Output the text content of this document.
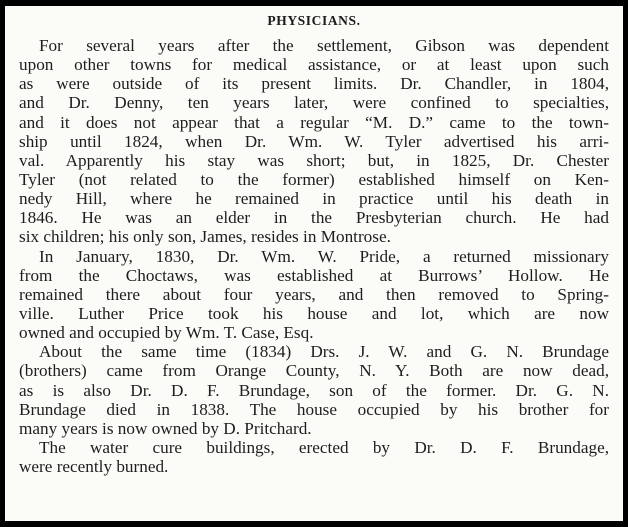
PHYSICIANS.
For several years after the settlement, Gibson was dependent
upon other towns for medical assistance, or at least upon such
as were outside of its present limits. Dr. Chandler, in 1804,
and Dr. Denny, ten years later, were confined to specialties,
and it does not appear that a regular “M. D.” came to the town-
ship until 1824, when Dr. Wm. W. Tyler advertised his arri-
val. Apparently his stay was short; but, in 1825, Dr. Chester
Tyler (not related to the former) established himself on Ken-
nedy Hill, where he remained in practice until his death in
1846. He was an elder in the Presbyterian church. He had
six children; his only son, James, resides in Montrose.
In January, 1830, Dr. Wm. W. Pride, a returned missionary
from the Choctaws, was established at Burrows’ Hollow. He
remained there about four years, and then removed to Spring-
ville. Luther Price took his house and lot, which are now
owned and occupied by Wm. T. Case, Esq.
About the same time (1834) Drs. J. W. and G. N. Brundage
(brothers) came from Orange County, N. Y. Both are now dead,
as is also Dr. D. F. Brundage, son of the former. Dr. G. N.
Brundage died in 1838. The house occupied by his brother for
many years is now owned by D. Pritchard.
The water cure buildings, erected by Dr. D. F. Brundage,
were recently burned.
